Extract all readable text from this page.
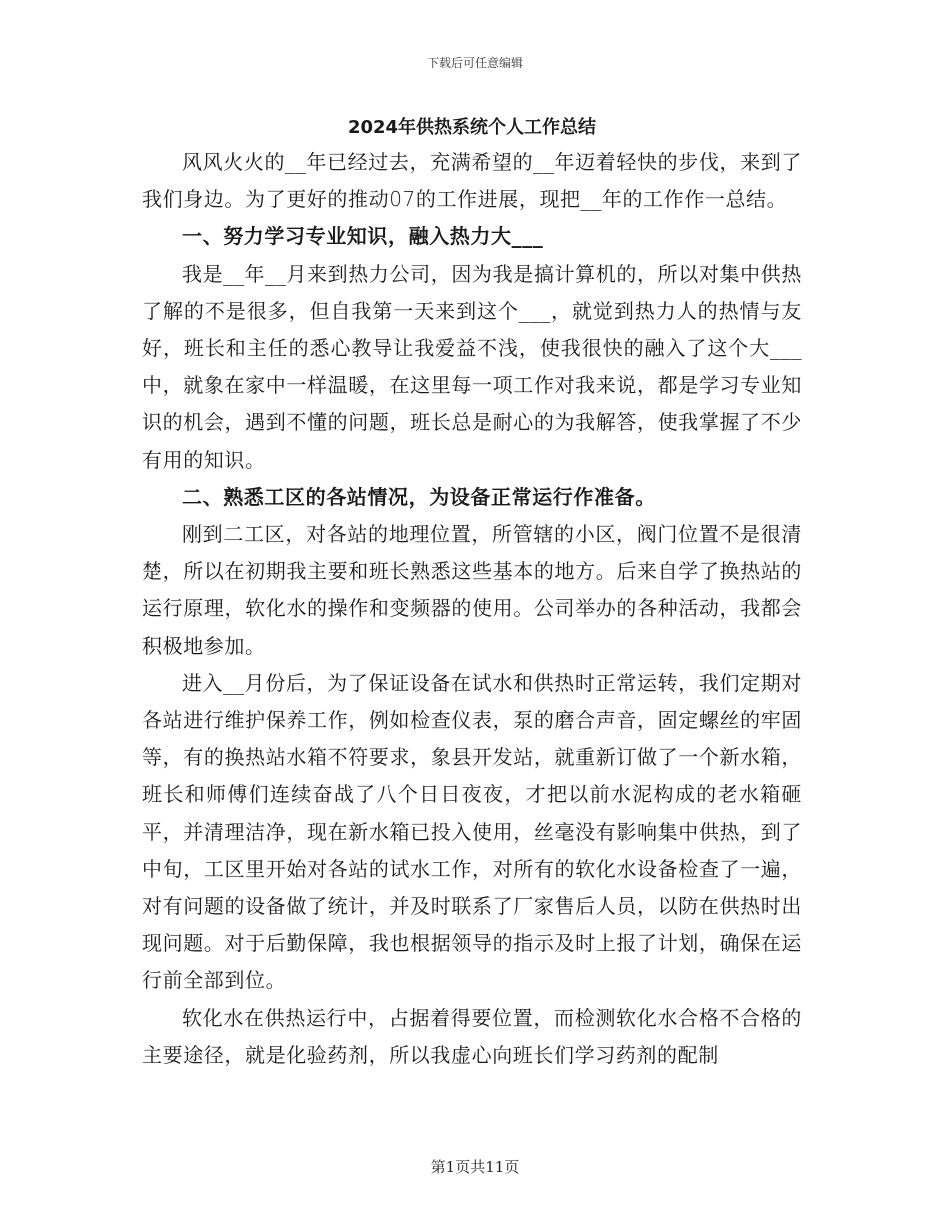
下载后可任意编辑
2024年供热系统个人工作总结

风风火火的__年已经过去，充满希望的__年迈着轻快的步伐，来到了我们身边。为了更好的推动07的工作进展，现把__年的工作作一总结。

一、努力学习专业知识，融入热力大___

我是__年__月来到热力公司，因为我是搞计算机的，所以对集中供热了解的不是很多，但自我第一天来到这个___，就觉到热力人的热情与友好，班长和主任的悉心教导让我爱益不浅，使我很快的融入了这个大___中，就象在家中一样温暖，在这里每一项工作对我来说，都是学习专业知识的机会，遇到不懂的问题，班长总是耐心的为我解答，使我掌握了不少有用的知识。

二、熟悉工区的各站情况，为设备正常运行作准备。

刚到二工区，对各站的地理位置，所管辖的小区，阀门位置不是很清楚，所以在初期我主要和班长熟悉这些基本的地方。后来自学了换热站的运行原理，软化水的操作和变频器的使用。公司举办的各种活动，我都会积极地参加。

进入__月份后，为了保证设备在试水和供热时正常运转，我们定期对各站进行维护保养工作，例如检查仪表，泵的磨合声音，固定螺丝的牢固等，有的换热站水箱不符要求，象县开发站，就重新订做了一个新水箱，班长和师傅们连续奋战了八个日日夜夜，才把以前水泥构成的老水箱砸平，并清理洁净，现在新水箱已投入使用，丝毫没有影响集中供热，到了中旬，工区里开始对各站的试水工作，对所有的软化水设备检查了一遍，对有问题的设备做了统计，并及时联系了厂家售后人员，以防在供热时出现问题。对于后勤保障，我也根据领导的指示及时上报了计划，确保在运行前全部到位。

软化水在供热运行中，占据着得要位置，而检测软化水合格不合格的主要途径，就是化验药剂，所以我虚心向班长们学习药剂的配制

第1页共11页
